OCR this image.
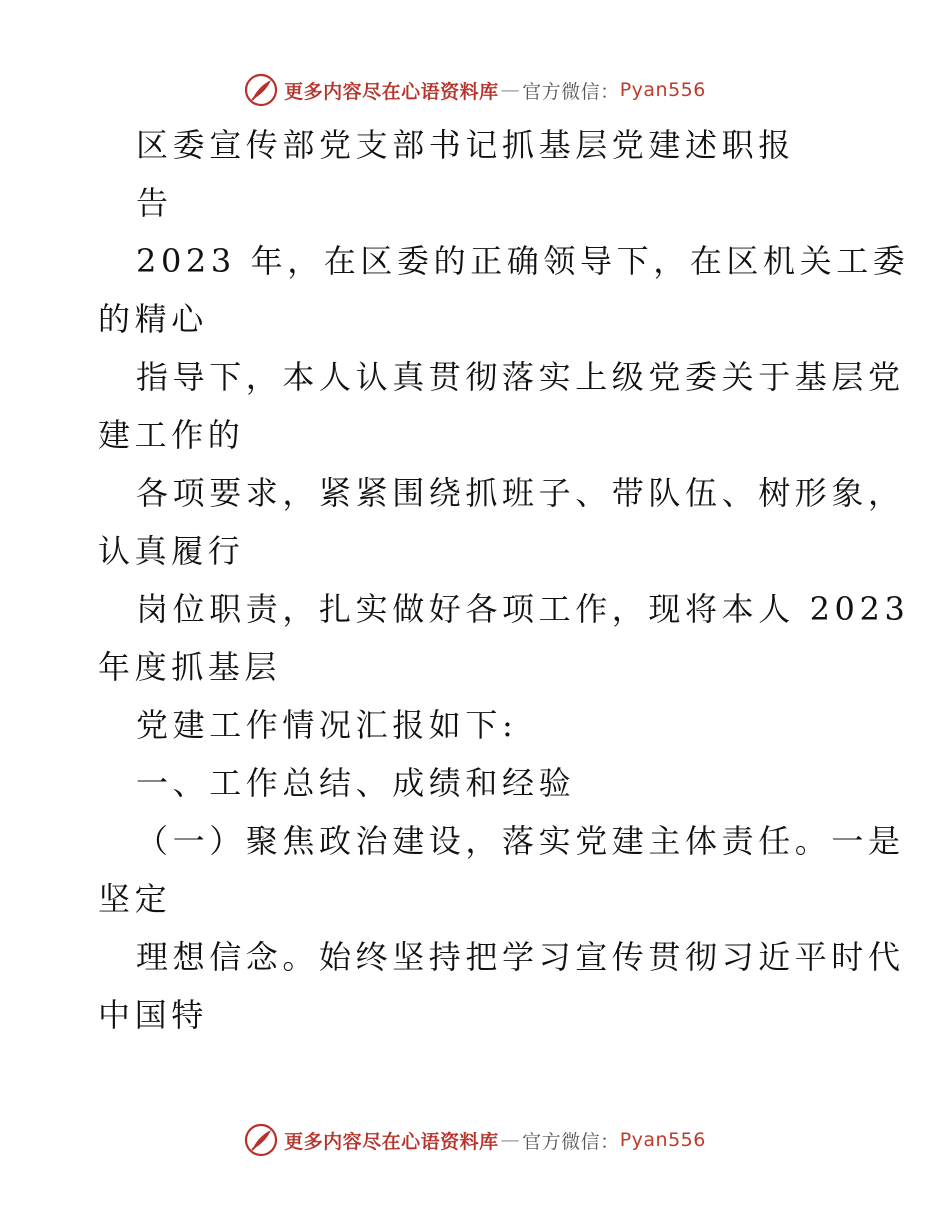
更多内容尽在心语资料库 — 官方微信： Pyan556
区委宣传部党支部书记抓基层党建述职报
告
2023 年，在区委的正确领导下，在区机关工委
的精心
指导下，本人认真贯彻落实上级党委关于基层党
建工作的
各项要求，紧紧围绕抓班子、带队伍、树形象，
认真履行
岗位职责，扎实做好各项工作，现将本人 2023
年度抓基层
党建工作情况汇报如下:
一、工作总结、成绩和经验
（一）聚焦政治建设，落实党建主体责任。一是
坚定
理想信念。始终坚持把学习宣传贯彻习近平时代
中国特
更多内容尽在心语资料库 — 官方微信： Pyan556
